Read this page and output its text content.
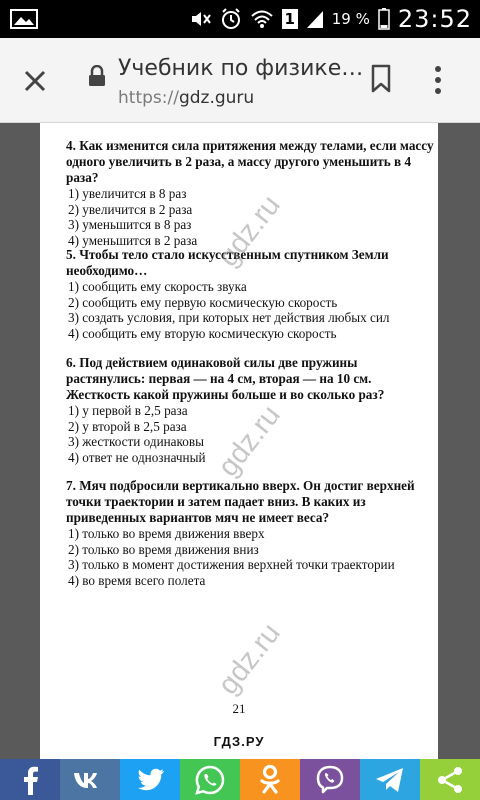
1 19 % 23:52
Учебник по физике…
https://gdz.guru

4. Как изменится сила притяжения между телами, если массу одного увеличить в 2 раза, а массу другого уменьшить в 4 раза?

1) увеличится в 8 раз
2) увеличится в 2 раза
3) уменьшится в 8 раз
4) уменьшится в 2 раза

5. Чтобы тело стало искусственным спутником Земли необходимо…

1) сообщить ему скорость звука
2) сообщить ему первую космическую скорость
3) создать условия, при которых нет действия любых сил
4) сообщить ему вторую космическую скорость

6. Под действием одинаковой силы две пружины растянулись: первая — на 4 см, вторая — на 10 см. Жесткость какой пружины больше и во сколько раз?

1) у первой в 2,5 раза
2) у второй в 2,5 раза
3) жесткости одинаковы
4) ответ не однозначный

7. Мяч подбросили вертикально вверх. Он достиг верхней точки траектории и затем падает вниз. В каких из приведенных вариантов мяч не имеет веса?

1) только во время движения вверх
2) только во время движения вниз
3) только в момент достижения верхней точки траектории
4) во время всего полета
gdz.ru
gdz.ru
gdz.ru
21
ГДЗ.РУ
